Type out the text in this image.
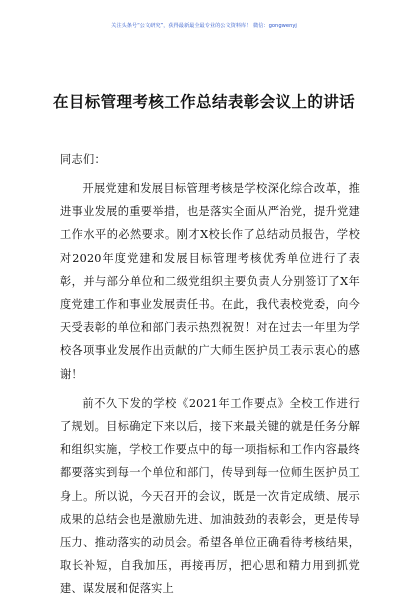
关注头条号“公文研究”，获得最新最全最专业的公文资料库！ 微信：gongwenyj
在目标管理考核工作总结表彰会议上的讲话

同志们：

开展党建和发展目标管理考核是学校深化综合改革，推进事业发展的重要举措，也是落实全面从严治党，提升党建工作水平的必然要求。刚才X校长作了总结动员报告，学校对2020年度党建和发展目标管理考核优秀单位进行了表彰，并与部分单位和二级党组织主要负责人分别签订了X年度党建工作和事业发展责任书。在此，我代表校党委，向今天受表彰的单位和部门表示热烈祝贺！对在过去一年里为学校各项事业发展作出贡献的广大师生医护员工表示衷心的感谢！

前不久下发的学校《2021年工作要点》全校工作进行了规划。目标确定下来以后，接下来最关键的就是任务分解和组织实施，学校工作要点中的每一项指标和工作内容最终都要落实到每一个单位和部门，传导到每一位师生医护员工身上。所以说，今天召开的会议，既是一次肯定成绩、展示成果的总结会也是激励先进、加油鼓劲的表彰会，更是传导压力、推动落实的动员会。希望各单位正确看待考核结果，取长补短，自我加压，再接再厉，把心思和精力用到抓党建、谋发展和促落实上
